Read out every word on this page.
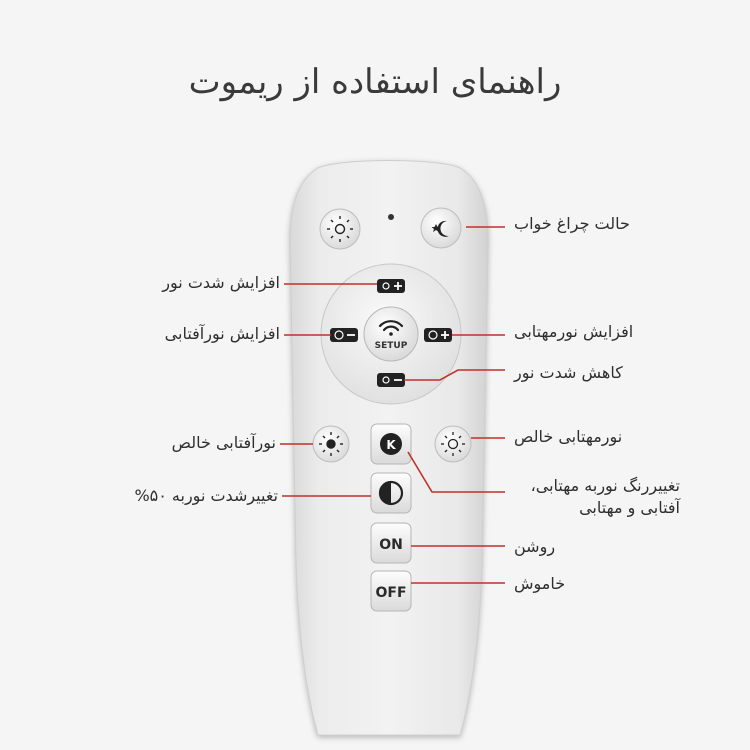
راهنمای استفاده از ریموت
SETUP
K
ON
OFF
حالت چراغ خواب
افزایش نورمهتابی
کاهش شدت نور
نورمهتابی خالص
تغییررنگ نوربه مهتابی،
آفتابی و مهتابی
روشن
خاموش
افزایش شدت نور
افزایش نورآفتابی
نورآفتابی خالص
تغییرشدت نوربه ۵۰%
